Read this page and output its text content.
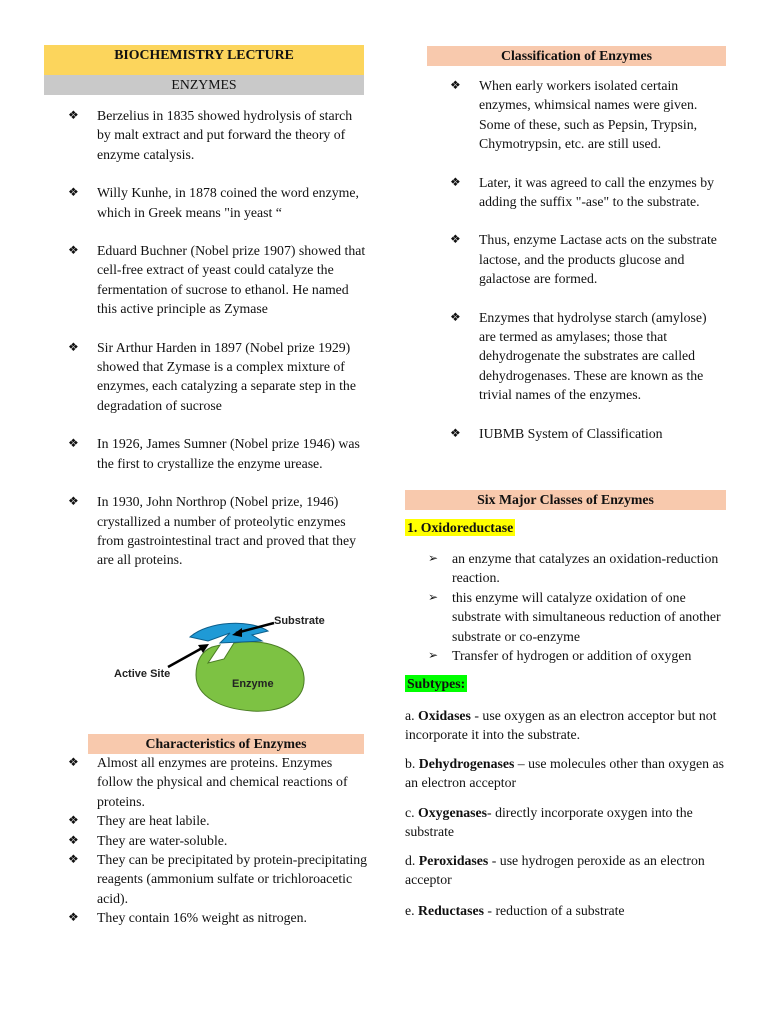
BIOCHEMISTRY LECTURE
ENZYMES
❖ Berzelius in 1835 showed hydrolysis of starch by malt extract and put forward the theory of enzyme catalysis.
❖ Willy Kunhe, in 1878 coined the word enzyme, which in Greek means "in yeast “
❖ Eduard Buchner (Nobel prize 1907) showed that cell-free extract of yeast could catalyze the fermentation of sucrose to ethanol. He named this active principle as Zymase
❖ Sir Arthur Harden in 1897 (Nobel prize 1929) showed that Zymase is a complex mixture of enzymes, each catalyzing a separate step in the degradation of sucrose
❖ In 1926, James Sumner (Nobel prize 1946) was the first to crystallize the enzyme urease.
❖ In 1930, John Northrop (Nobel prize, 1946) crystallized a number of proteolytic enzymes from gastrointestinal tract and proved that they are all proteins.
Enzyme
Substrate
Active Site
Characteristics of Enzymes
❖ Almost all enzymes are proteins. Enzymes follow the physical and chemical reactions of proteins.
❖ They are heat labile.
❖ They are water-soluble.
❖ They can be precipitated by protein-precipitating reagents (ammonium sulfate or trichloroacetic acid).
❖ They contain 16% weight as nitrogen.
Classification of Enzymes
❖ When early workers isolated certain enzymes, whimsical names were given. Some of these, such as Pepsin, Trypsin, Chymotrypsin, etc. are still used.
❖ Later, it was agreed to call the enzymes by adding the suffix "-ase" to the substrate.
❖ Thus, enzyme Lactase acts on the substrate lactose, and the products glucose and galactose are formed.
❖ Enzymes that hydrolyse starch (amylose) are termed as amylases; those that dehydrogenate the substrates are called dehydrogenases. These are known as the trivial names of the enzymes.
❖ IUBMB System of Classification
Six Major Classes of Enzymes
1. Oxidoreductase
➢ an enzyme that catalyzes an oxidation-reduction reaction.
➢ this enzyme will catalyze oxidation of one substrate with simultaneous reduction of another substrate or co-enzyme
➢ Transfer of hydrogen or addition of oxygen
Subtypes:

a. Oxidases - use oxygen as an electron acceptor but not incorporate it into the substrate.

b. Dehydrogenases – use molecules other than oxygen as an electron acceptor

c. Oxygenases- directly incorporate oxygen into the substrate

d. Peroxidases - use hydrogen peroxide as an electron acceptor

e. Reductases - reduction of a substrate
